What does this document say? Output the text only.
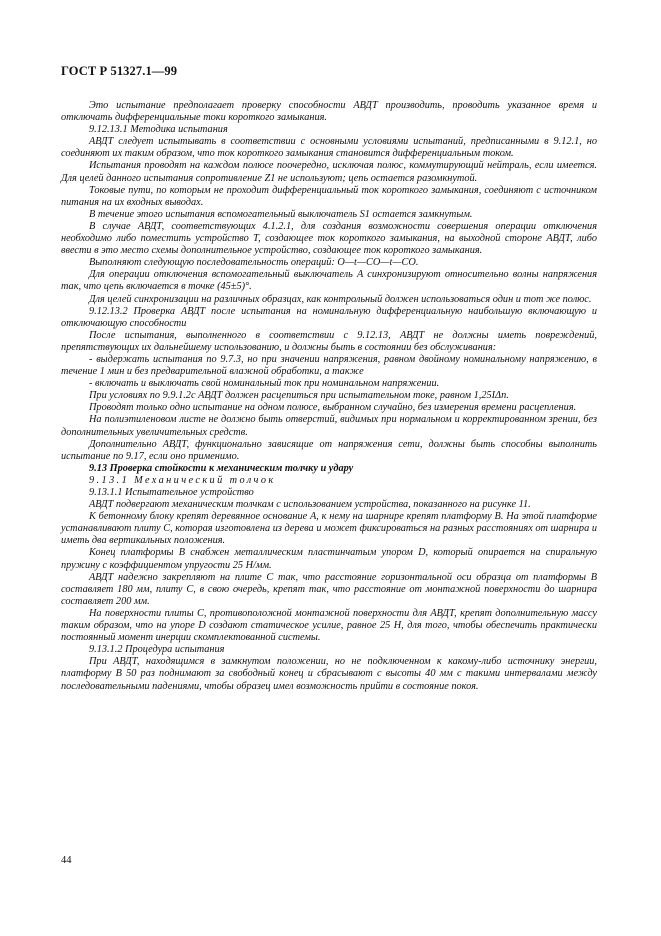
ГОСТ Р 51327.1—99

Это испытание предполагает проверку способности АВДТ производить, проводить указанное время и отключать дифференциальные токи короткого замыкания.

9.12.13.1 Методика испытания

АВДТ следует испытывать в соответствии с основными условиями испытаний, предписанными в 9.12.1, но соединяют их таким образом, что ток короткого замыкания становится дифференциальным током.

Испытания проводят на каждом полюсе поочередно, исключая полюс, коммутирующий нейтраль, если имеется. Для целей данного испытания сопротивление Z1 не используют; цепь остается разомкнутой.

Токовые пути, по которым не проходит дифференциальный ток короткого замыкания, соединяют с источником питания на их входных выводах.

В течение этого испытания вспомогательный выключатель S1 остается замкнутым.

В случае АВДТ, соответствующих 4.1.2.1, для создания возможности совершения операции отключения необходимо либо поместить устройство T, создающее ток короткого замыкания, на выходной стороне АВДТ, либо ввести в это место схемы дополнительное устройство, создающее ток короткого замыкания.

Выполняют следующую последовательность операций: O—t—CO—t—CO.

Для операции отключения вспомогательный выключатель A синхронизируют относительно волны напряжения так, что цепь включается в точке (45±5)°.

Для целей синхронизации на различных образцах, как контрольный должен использоваться один и тот же полюс.

9.12.13.2 Проверка АВДТ после испытания на номинальную дифференциальную наибольшую включающую и отключающую способности

После испытания, выполненного в соответствии с 9.12.13, АВДТ не должны иметь повреждений, препятствующих их дальнейшему использованию, и должны быть в состоянии без обслуживания:

- выдержать испытания по 9.7.3, но при значении напряжения, равном двойному номинальному напряжению, в течение 1 мин и без предварительной влажной обработки, а также

- включать и выключать свой номинальный ток при номинальном напряжении.

При условиях по 9.9.1.2c АВДТ должен расцепиться при испытательном токе, равном 1,25IΔn.

Проводят только одно испытание на одном полюсе, выбранном случайно, без измерения времени расцепления.

На полиэтиленовом листе не должно быть отверстий, видимых при нормальном и корректированном зрении, без дополнительных увеличительных средств.

Дополнительно АВДТ, функционально зависящие от напряжения сети, должны быть способны выполнить испытание по 9.17, если оно применимо.

9.13 Проверка стойкости к механическим толчку и удару

9.13.1 Механический толчок

9.13.1.1 Испытательное устройство

АВДТ подвергают механическим толчкам с использованием устройства, показанного на рисунке 11.

К бетонному блоку крепят деревянное основание A, к нему на шарнире крепят платформу B. На этой платформе устанавливают плиту C, которая изготовлена из дерева и может фиксироваться на разных расстояниях от шарнира и иметь два вертикальных положения.

Конец платформы B снабжен металлическим пластинчатым упором D, который опирается на спиральную пружину с коэффициентом упругости 25 Н/мм.

АВДТ надежно закрепляют на плите C так, что расстояние горизонтальной оси образца от платформы B составляет 180 мм, плиту C, в свою очередь, крепят так, что расстояние от монтажной поверхности до шарнира составляет 200 мм.

На поверхности плиты C, противоположной монтажной поверхности для АВДТ, крепят дополнительную массу таким образом, что на упоре D создают статическое усилие, равное 25 Н, для того, чтобы обеспечить практически постоянный момент инерции скомплектованной системы.

9.13.1.2 Процедура испытания

При АВДТ, находящимся в замкнутом положении, но не подключенном к какому-либо источнику энергии, платформу B 50 раз поднимают за свободный конец и сбрасывают с высоты 40 мм с такими интервалами между последовательными падениями, чтобы образец имел возможность прийти в состояние покоя.

44
